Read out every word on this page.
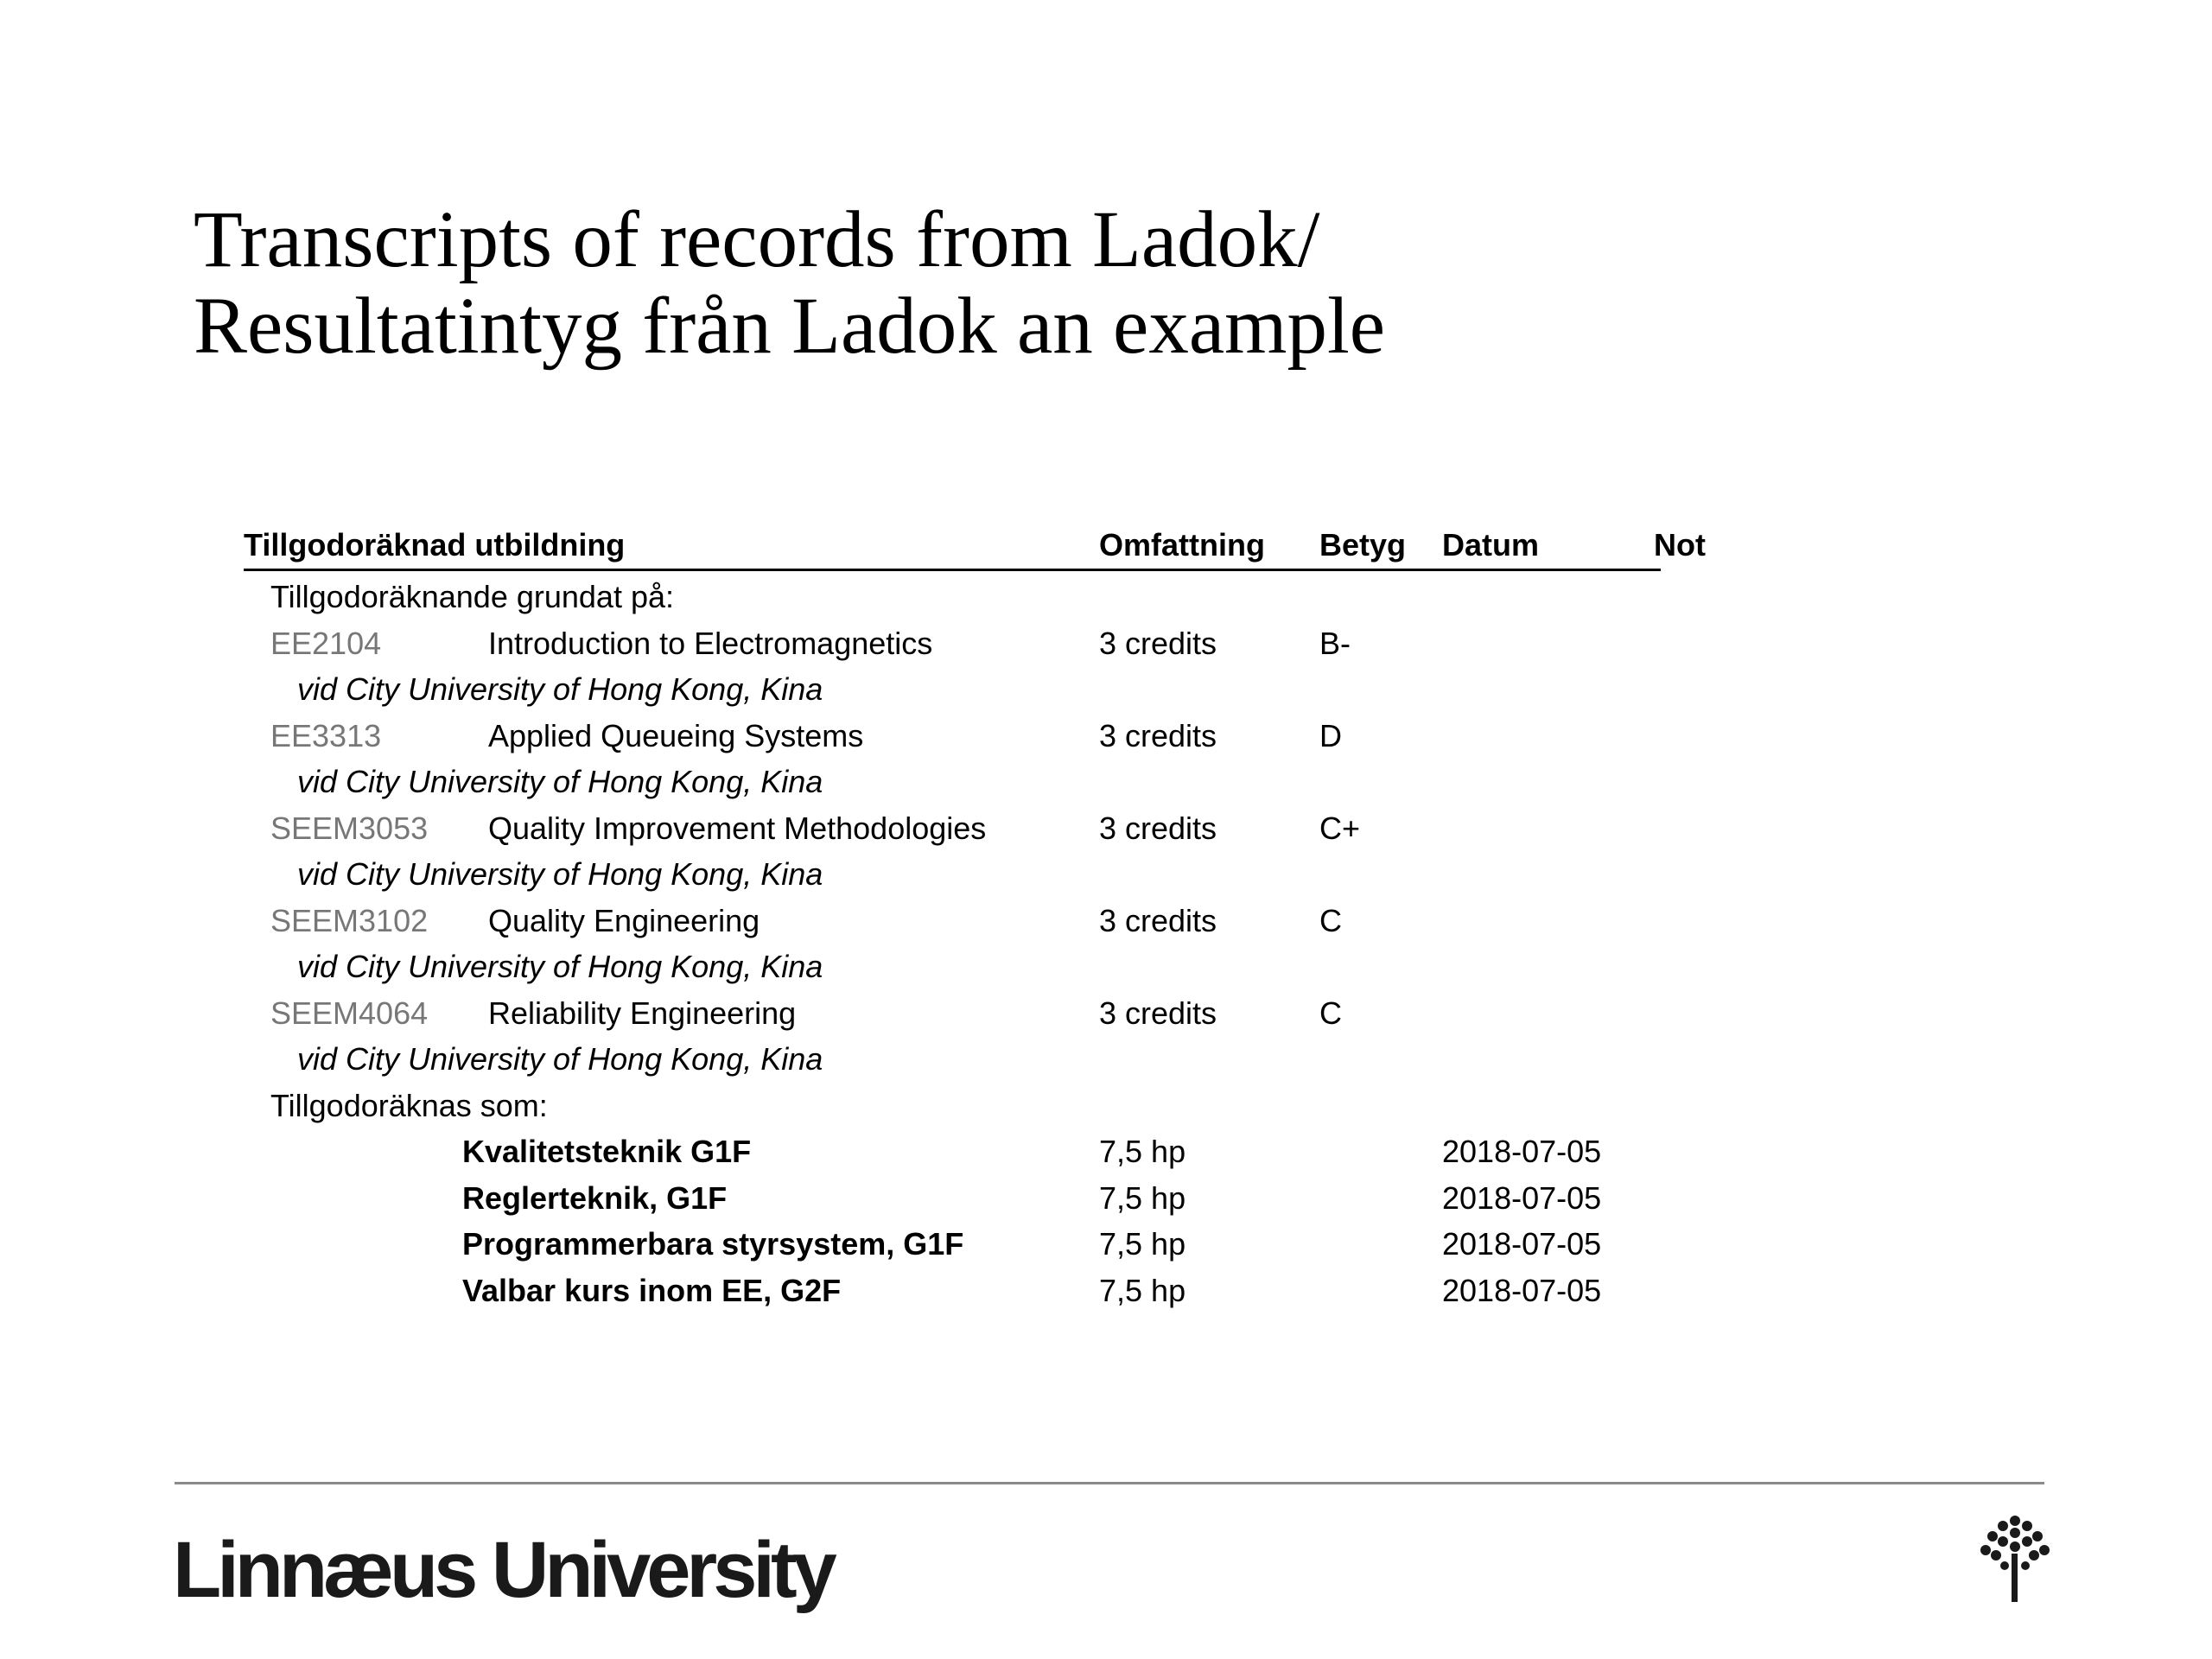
Transcripts of records from Ladok/
Resultatintyg från Ladok an example
Tillgodoräknad utbildning	Omfattning Betyg Datum	Not
Tillgodoräknande grundat på:
EE2104	Introduction to Electromagnetics	3 credits	B-
vid City University of Hong Kong, Kina
EE3313	Applied Queueing Systems	3 credits	D
vid City University of Hong Kong, Kina
SEEM3053 Quality Improvement Methodologies	3 credits	C+
vid City University of Hong Kong, Kina
SEEM3102 Quality Engineering	3 credits	C
vid City University of Hong Kong, Kina
SEEM4064 Reliability Engineering	3 credits	C
vid City University of Hong Kong, Kina
Tillgodoräknas som:
Kvalitetsteknik G1F	7,5 hp	2018-07-05
Reglerteknik, G1F	7,5 hp	2018-07-05
Programmerbara styrsystem, G1F	7,5 hp	2018-07-05
Valbar kurs inom EE, G2F	7,5 hp	2018-07-05
Linnæus University
